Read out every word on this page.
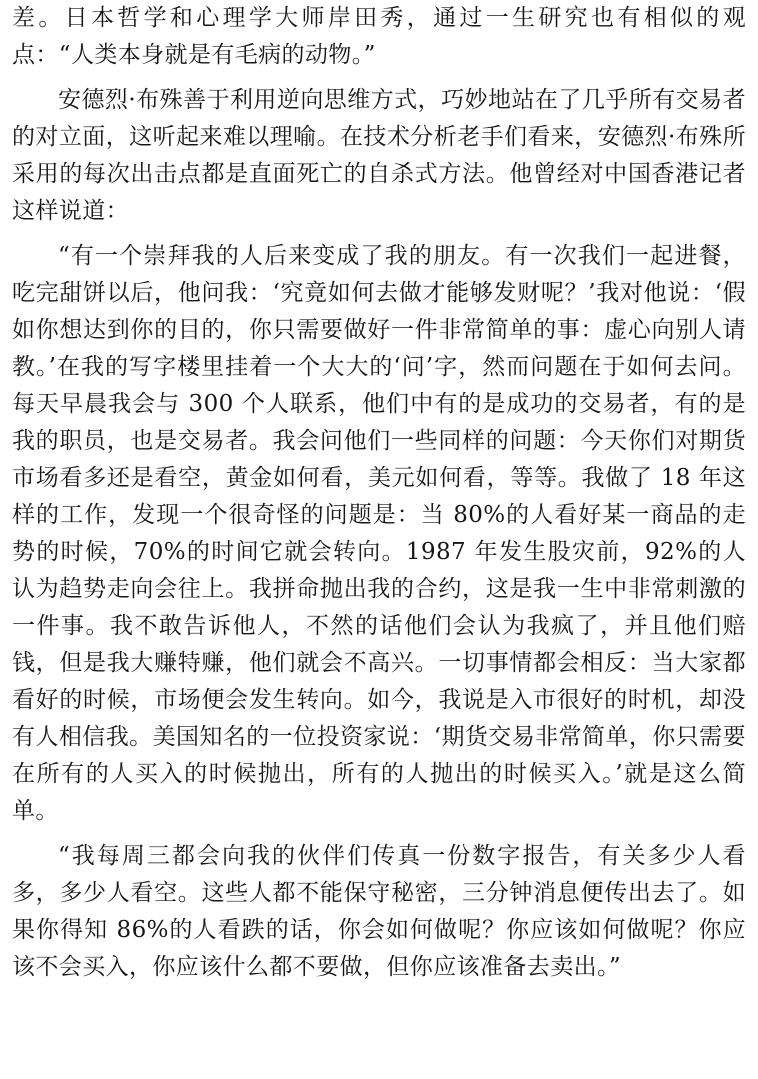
差。日本哲学和心理学大师岸田秀，通过一生研究也有相似的观点：“人类本身就是有毛病的动物。”

安德烈·布殊善于利用逆向思维方式，巧妙地站在了几乎所有交易者的对立面，这听起来难以理喻。在技术分析老手们看来，安德烈·布殊所采用的每次出击点都是直面死亡的自杀式方法。他曾经对中国香港记者这样说道：

“有一个崇拜我的人后来变成了我的朋友。有一次我们一起进餐，吃完甜饼以后，他问我：‘究竟如何去做才能够发财呢？’我对他说：‘假如你想达到你的目的，你只需要做好一件非常简单的事：虚心向别人请教。’在我的写字楼里挂着一个大大的‘问’字，然而问题在于如何去问。每天早晨我会与 300 个人联系，他们中有的是成功的交易者，有的是我的职员，也是交易者。我会问他们一些同样的问题：今天你们对期货市场看多还是看空，黄金如何看，美元如何看，等等。我做了 18 年这样的工作，发现一个很奇怪的问题是：当 80%的人看好某一商品的走势的时候，70%的时间它就会转向。1987 年发生股灾前，92%的人认为趋势走向会往上。我拼命抛出我的合约，这是我一生中非常刺激的一件事。我不敢告诉他人，不然的话他们会认为我疯了，并且他们赔钱，但是我大赚特赚，他们就会不高兴。一切事情都会相反：当大家都看好的时候，市场便会发生转向。如今，我说是入市很好的时机，却没有人相信我。美国知名的一位投资家说：‘期货交易非常简单，你只需要在所有的人买入的时候抛出，所有的人抛出的时候买入。’就是这么简单。

“我每周三都会向我的伙伴们传真一份数字报告，有关多少人看多，多少人看空。这些人都不能保守秘密，三分钟消息便传出去了。如果你得知 86%的人看跌的话，你会如何做呢？你应该如何做呢？你应该不会买入，你应该什么都不要做，但你应该准备去卖出。”
